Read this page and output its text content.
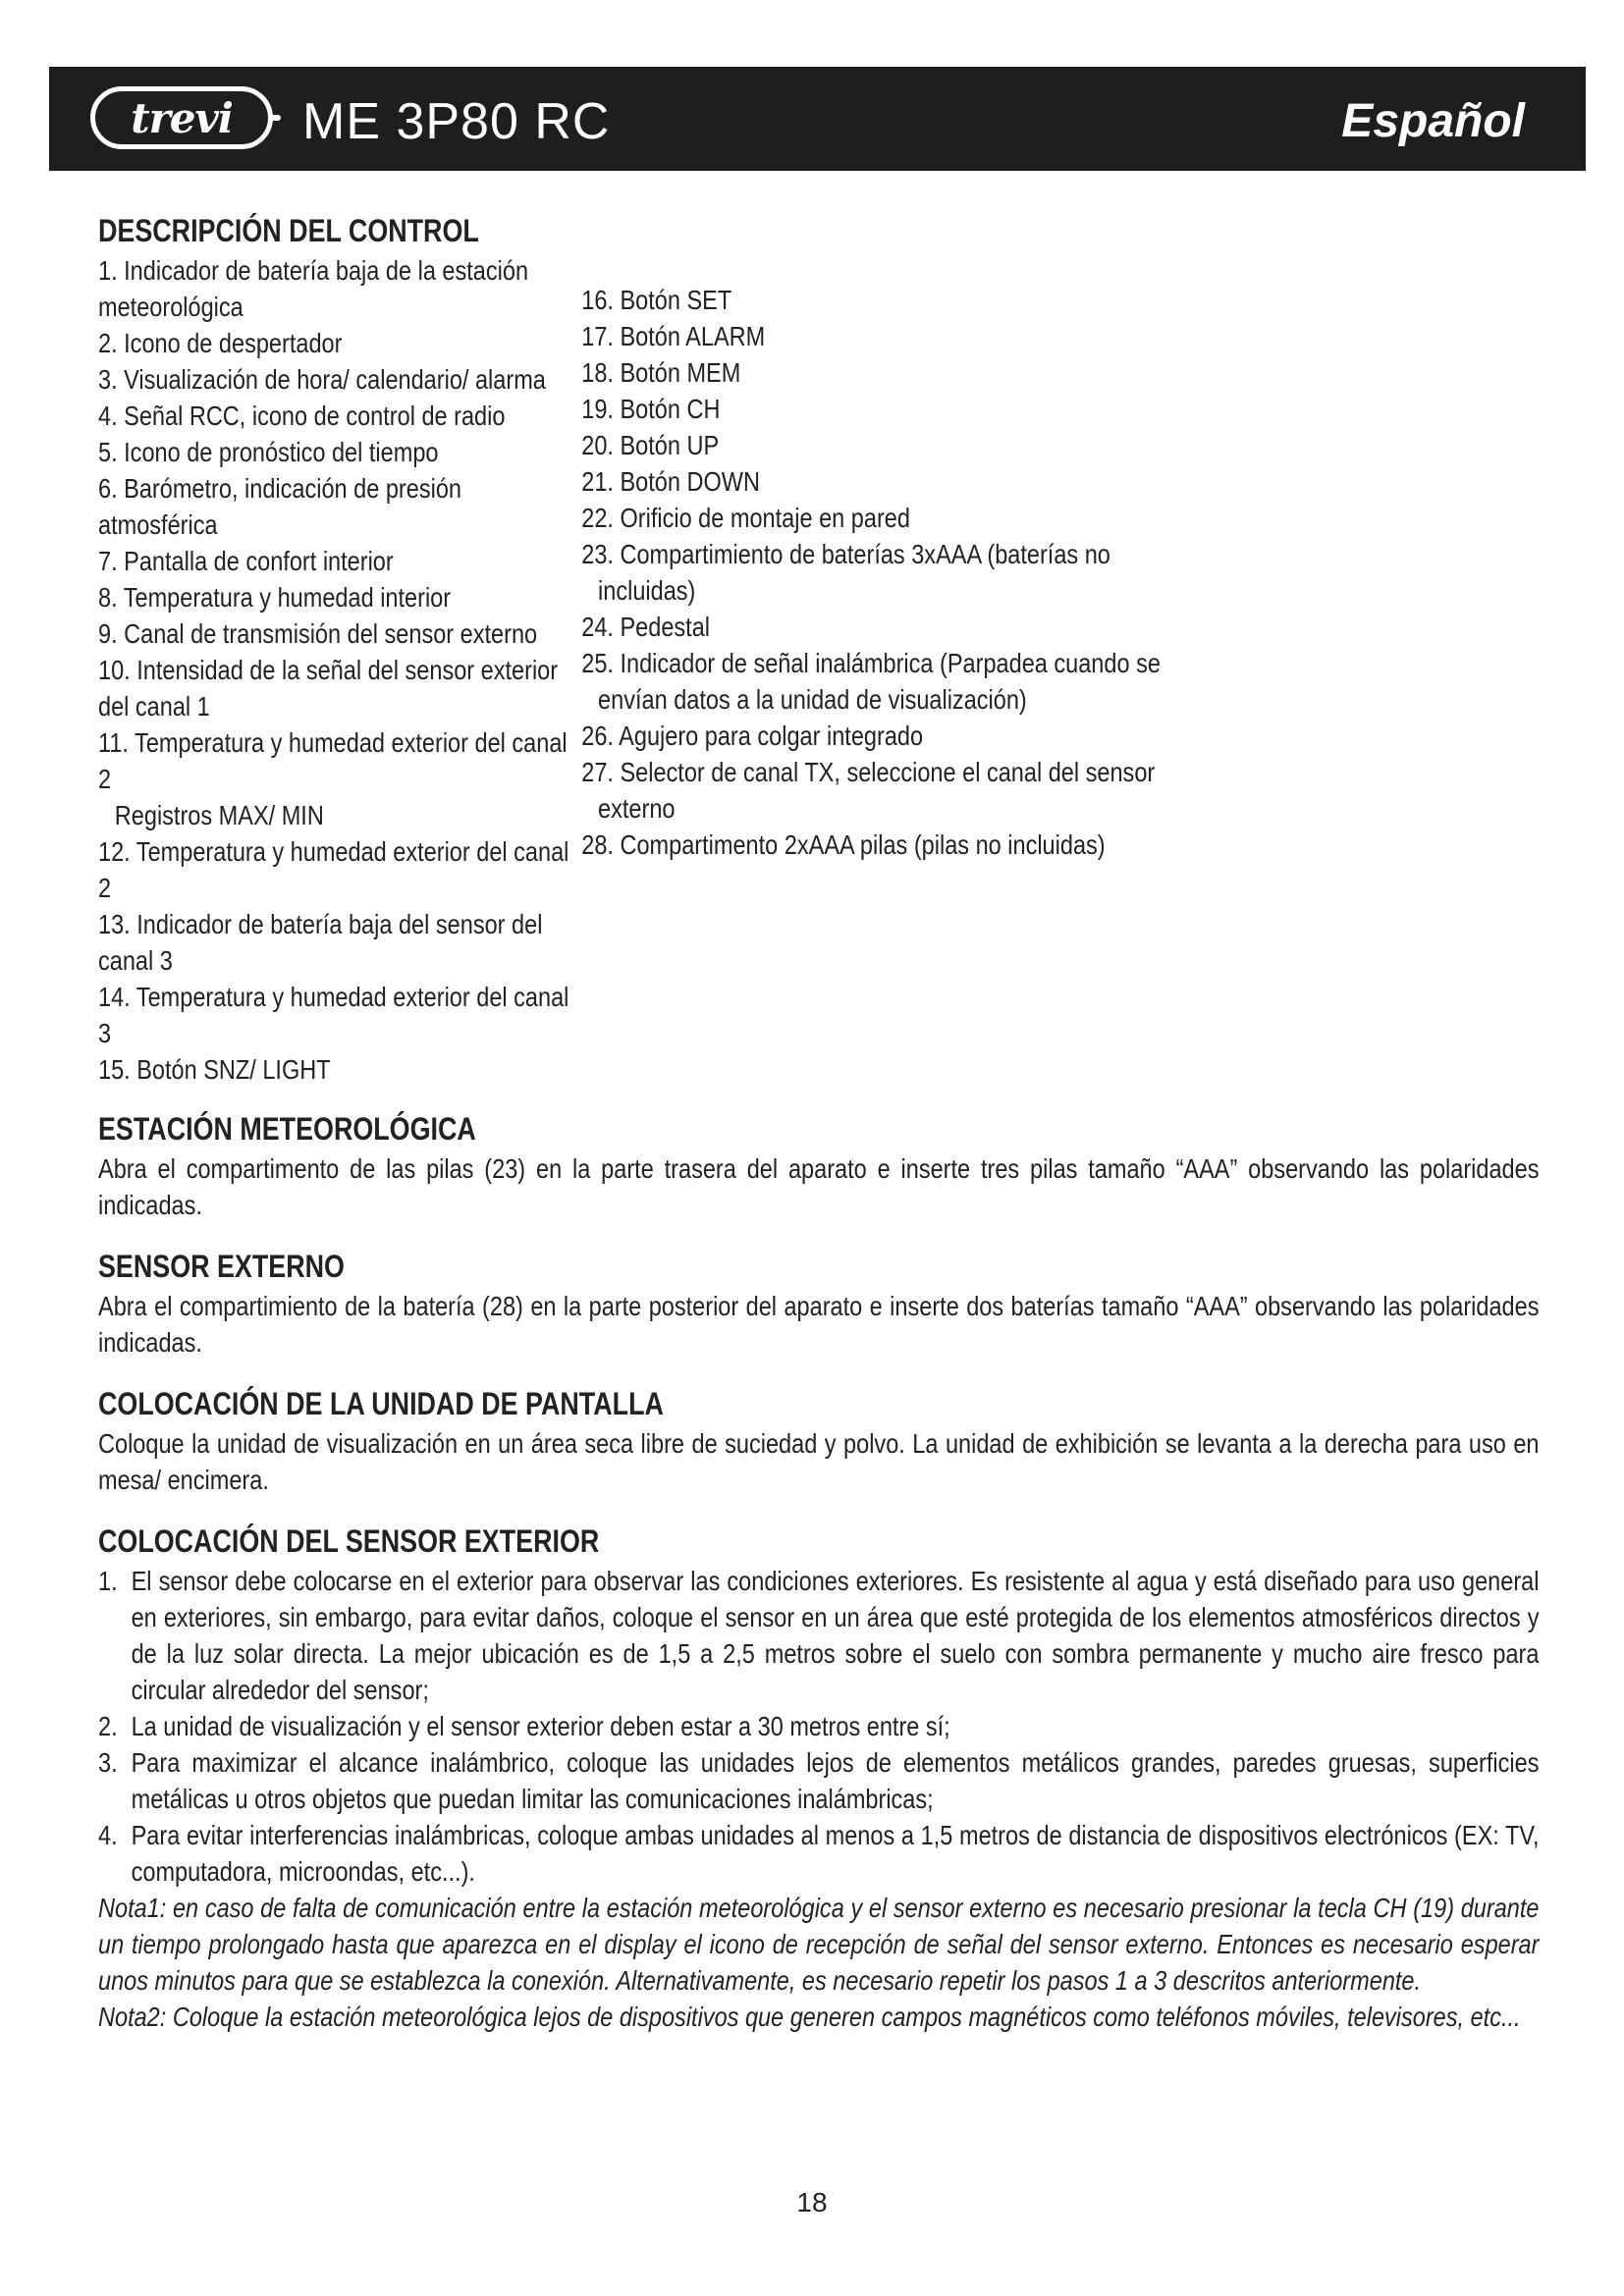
trevi	ME 3P80 RC	Español
DESCRIPCIÓN DEL CONTROL
1. Indicador de batería baja de la estación meteorológica
2. Icono de despertador
3. Visualización de hora/ calendario/ alarma
4. Señal RCC, icono de control de radio
5. Icono de pronóstico del tiempo
6. Barómetro, indicación de presión atmosférica
7. Pantalla de confort interior
8. Temperatura y humedad interior
9. Canal de transmisión del sensor externo
10. Intensidad de la señal del sensor exterior del canal 1
11. Temperatura y humedad exterior del canal 2
Registros MAX/ MIN
12. Temperatura y humedad exterior del canal 2
13. Indicador de batería baja del sensor del canal 3
14. Temperatura y humedad exterior del canal 3
15. Botón SNZ/ LIGHT
16. Botón SET
17. Botón ALARM
18. Botón MEM
19. Botón CH
20. Botón UP
21. Botón DOWN
22. Orificio de montaje en pared
23. Compartimiento de baterías 3xAAA (baterías no
incluidas)
24. Pedestal
25. Indicador de señal inalámbrica (Parpadea cuando se
envían datos a la unidad de visualización)
26. Agujero para colgar integrado
27. Selector de canal TX, seleccione el canal del sensor
externo
28. Compartimento 2xAAA pilas (pilas no incluidas)
ESTACIÓN METEOROLÓGICA

Abra el compartimento de las pilas (23) en la parte trasera del aparato e inserte tres pilas tamaño “AAA” observando las polaridades indicadas.

SENSOR EXTERNO

Abra el compartimiento de la batería (28) en la parte posterior del aparato e inserte dos baterías tamaño “AAA” observando las polaridades indicadas.

COLOCACIÓN DE LA UNIDAD DE PANTALLA

Coloque la unidad de visualización en un área seca libre de suciedad y polvo. La unidad de exhibición se levanta a la derecha para uso en mesa/ encimera.

COLOCACIÓN DEL SENSOR EXTERIOR
1. El sensor debe colocarse en el exterior para observar las condiciones exteriores. Es resistente al agua y está diseñado para uso general en exteriores, sin embargo, para evitar daños, coloque el sensor en un área que esté protegida de los elementos atmosféricos directos y de la luz solar directa. La mejor ubicación es de 1,5 a 2,5 metros sobre el suelo con sombra permanente y mucho aire fresco para circular alrededor del sensor;
2. La unidad de visualización y el sensor exterior deben estar a 30 metros entre sí;
3. Para maximizar el alcance inalámbrico, coloque las unidades lejos de elementos metálicos grandes, paredes gruesas, superficies metálicas u otros objetos que puedan limitar las comunicaciones inalámbricas;
4. Para evitar interferencias inalámbricas, coloque ambas unidades al menos a 1,5 metros de distancia de dispositivos electrónicos (EX: TV, computadora, microondas, etc...).

Nota1: en caso de falta de comunicación entre la estación meteorológica y el sensor externo es necesario presionar la tecla CH (19) durante un tiempo prolongado hasta que aparezca en el display el icono de recepción de señal del sensor externo. Entonces es necesario esperar unos minutos para que se establezca la conexión. Alternativamente, es necesario repetir los pasos 1 a 3 descritos anteriormente.

Nota2: Coloque la estación meteorológica lejos de dispositivos que generen campos magnéticos como teléfonos móviles, televisores, etc...

18
